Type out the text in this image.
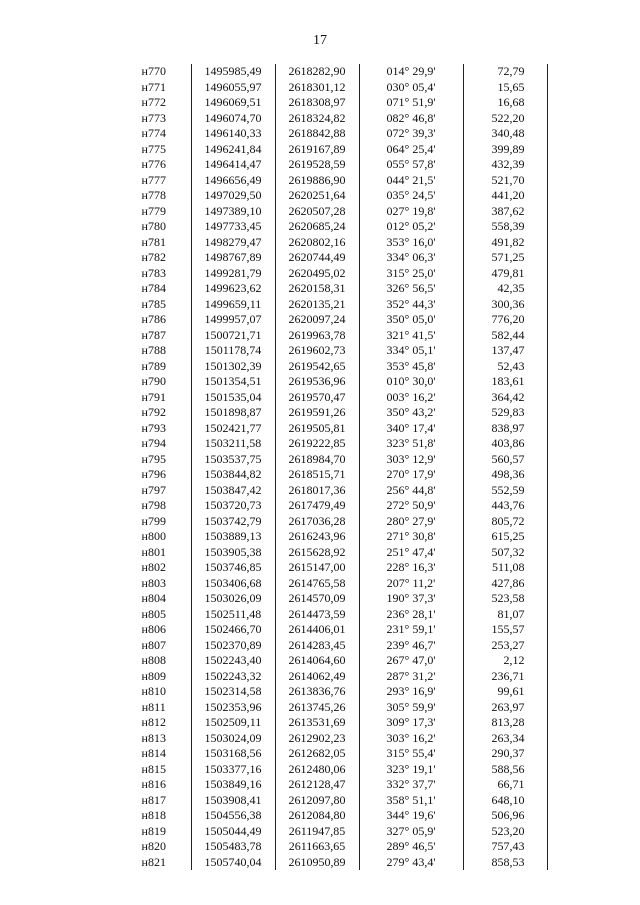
17
н770	1495985,49	2618282,90	014° 29,9'	72,79
н771	1496055,97	2618301,12	030° 05,4'	15,65
н772	1496069,51	2618308,97	071° 51,9'	16,68
н773	1496074,70	2618324,82	082° 46,8'	522,20
н774	1496140,33	2618842,88	072° 39,3'	340,48
н775	1496241,84	2619167,89	064° 25,4'	399,89
н776	1496414,47	2619528,59	055° 57,8'	432,39
н777	1496656,49	2619886,90	044° 21,5'	521,70
н778	1497029,50	2620251,64	035° 24,5'	441,20
н779	1497389,10	2620507,28	027° 19,8'	387,62
н780	1497733,45	2620685,24	012° 05,2'	558,39
н781	1498279,47	2620802,16	353° 16,0'	491,82
н782	1498767,89	2620744,49	334° 06,3'	571,25
н783	1499281,79	2620495,02	315° 25,0'	479,81
н784	1499623,62	2620158,31	326° 56,5'	42,35
н785	1499659,11	2620135,21	352° 44,3'	300,36
н786	1499957,07	2620097,24	350° 05,0'	776,20
н787	1500721,71	2619963,78	321° 41,5'	582,44
н788	1501178,74	2619602,73	334° 05,1'	137,47
н789	1501302,39	2619542,65	353° 45,8'	52,43
н790	1501354,51	2619536,96	010° 30,0'	183,61
н791	1501535,04	2619570,47	003° 16,2'	364,42
н792	1501898,87	2619591,26	350° 43,2'	529,83
н793	1502421,77	2619505,81	340° 17,4'	838,97
н794	1503211,58	2619222,85	323° 51,8'	403,86
н795	1503537,75	2618984,70	303° 12,9'	560,57
н796	1503844,82	2618515,71	270° 17,9'	498,36
н797	1503847,42	2618017,36	256° 44,8'	552,59
н798	1503720,73	2617479,49	272° 50,9'	443,76
н799	1503742,79	2617036,28	280° 27,9'	805,72
н800	1503889,13	2616243,96	271° 30,8'	615,25
н801	1503905,38	2615628,92	251° 47,4'	507,32
н802	1503746,85	2615147,00	228° 16,3'	511,08
н803	1503406,68	2614765,58	207° 11,2'	427,86
н804	1503026,09	2614570,09	190° 37,3'	523,58
н805	1502511,48	2614473,59	236° 28,1'	81,07
н806	1502466,70	2614406,01	231° 59,1'	155,57
н807	1502370,89	2614283,45	239° 46,7'	253,27
н808	1502243,40	2614064,60	267° 47,0'	2,12
н809	1502243,32	2614062,49	287° 31,2'	236,71
н810	1502314,58	2613836,76	293° 16,9'	99,61
н811	1502353,96	2613745,26	305° 59,9'	263,97
н812	1502509,11	2613531,69	309° 17,3'	813,28
н813	1503024,09	2612902,23	303° 16,2'	263,34
н814	1503168,56	2612682,05	315° 55,4'	290,37
н815	1503377,16	2612480,06	323° 19,1'	588,56
н816	1503849,16	2612128,47	332° 37,7'	66,71
н817	1503908,41	2612097,80	358° 51,1'	648,10
н818	1504556,38	2612084,80	344° 19,6'	506,96
н819	1505044,49	2611947,85	327° 05,9'	523,20
н820	1505483,78	2611663,65	289° 46,5'	757,43
н821	1505740,04	2610950,89	279° 43,4'	858,53
